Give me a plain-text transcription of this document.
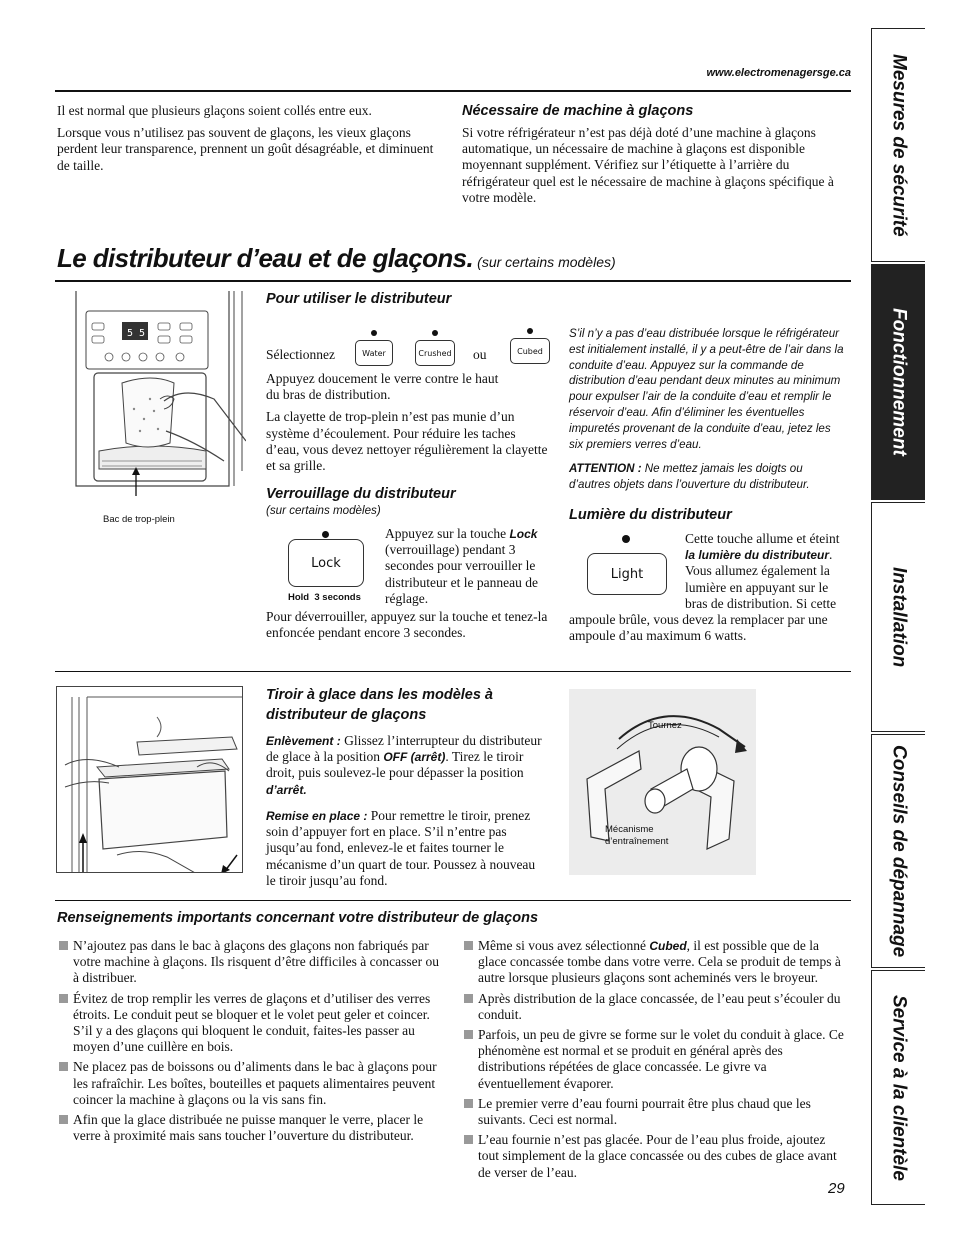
www.electromenagersge.ca Mesures de sécurité
Fonctionnement
Installation
Conseils de dépannage
Service à la clientèle

Il est normal que plusieurs glaçons soient collés entre eux.

Lorsque vous n’utilisez pas souvent de glaçons, les vieux glaçons perdent leur transparence, prennent un goût désagréable, et diminuent de taille.

Nécessaire de machine à glaçons
Si votre réfrigérateur n’est pas déjà doté d’une machine à glaçons automatique, un nécessaire de machine à glaçons est disponible moyennant supplément. Vérifiez sur l’étiquette à l’arrière du réfrigérateur quel est le nécessaire de machine à glaçons spécifique à votre modèle.
Le distributeur d’eau et de glaçons. (sur certains modèles)
5 5
Bac de trop-plein
Pour utiliser le distributeur
Sélectionnez	Water	Crushed ou	Cubed

Appuyez doucement le verre contre le haut du bras de distribution.

La clayette de trop-plein n’est pas munie d’un système d’écoulement. Pour réduire les taches d’eau, vous devez nettoyer régulièrement la clayette et sa grille.

S’il n’y a pas d’eau distribuée lorsque le réfrigérateur est initialement installé, il y a peut-être de l’air dans la conduite d’eau. Appuyez sur la commande de distribution d’eau pendant deux minutes au minimum pour expulser l’air de la conduite d’eau et remplir le réservoir d’eau. Afin d’éliminer les éventuelles impuretés provenant de la conduite d’eau, jetez les six premiers verres d’eau.
ATTENTION : Ne mettez jamais les doigts ou d’autres objets dans l’ouverture du distributeur.
Verrouillage du distributeur
(sur certains modèles)
Lock
Hold  3 seconds
Appuyez sur la touche Lock (verrouillage) pendant 3 secondes pour verrouiller le distributeur et le panneau de réglage.
Pour déverrouiller, appuyez sur la touche et tenez-la enfoncée pendant encore 3 secondes.
Lumière du distributeur
Light
Cette touche allume et éteint la lumière du distributeur. Vous allumez également la lumière en appuyant sur le bras de distribution. Si cette ampoule brûle, vous devez la remplacer par une ampoule d’au maximum 6 watts.
Tiroir à glace dans les modèles à distributeur de glaçons
Enlèvement : Glissez l’interrupteur du distributeur de glace à la position OFF (arrêt). Tirez le tiroir droit, puis soulevez-le pour dépasser la position d’arrêt.
Remise en place : Pour remettre le tiroir, prenez soin d’appuyer fort en place. S’il n’entre pas jusqu’au fond, enlevez-le et faites tourner le mécanisme d’un quart de tour. Poussez à nouveau le tiroir jusqu’au fond.
Tournez
Mécanisme d’entraînement
Renseignements importants concernant votre distributeur de glaçons
N’ajoutez pas dans le bac à glaçons des glaçons non fabriqués par votre machine à glaçons. Ils risquent d’être difficiles à concasser ou à distribuer.
Évitez de trop remplir les verres de glaçons et d’utiliser des verres étroits. Le conduit peut se bloquer et le volet peut geler et coincer. S’il y a des glaçons qui bloquent le conduit, faites-les passer au moyen d’une cuillère en bois.
Ne placez pas de boissons ou d’aliments dans le bac à glaçons pour les rafraîchir. Les boîtes, bouteilles et paquets alimentaires peuvent coincer la machine à glaçons ou la vis sans fin.
Afin que la glace distribuée ne puisse manquer le verre, placer le verre à proximité mais sans toucher l’ouverture du distributeur.
Même si vous avez sélectionné Cubed, il est possible que de la glace concassée tombe dans votre verre. Cela se produit de temps à autre lorsque plusieurs glaçons sont acheminés vers le broyeur.
Après distribution de la glace concassée, de l’eau peut s’écouler du conduit.
Parfois, un peu de givre se forme sur le volet du conduit à glace. Ce phénomène est normal et se produit en général après des distributions répétées de glace concassée. Le givre va éventuellement évaporer.
Le premier verre d’eau fourni pourrait être plus chaud que les suivants. Ceci est normal.
L’eau fournie n’est pas glacée. Pour de l’eau plus froide, ajoutez tout simplement de la glace concassée ou des cubes de glace avant de verser de l’eau.
29
